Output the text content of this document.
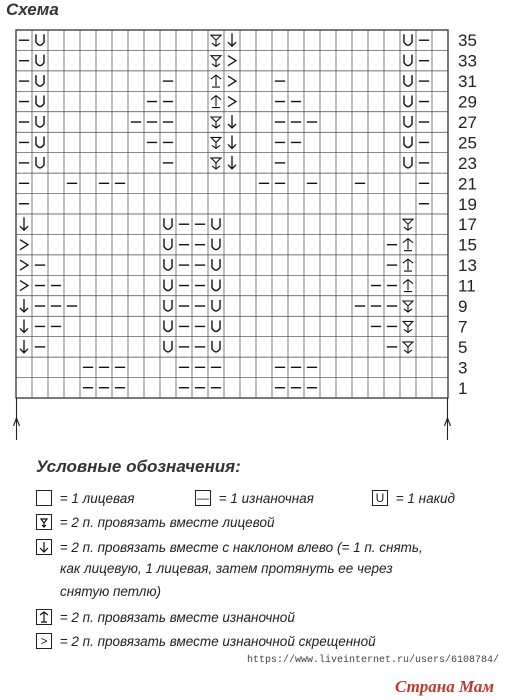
Схема
35
33
31
29
27
25
23
21
19
17
15
13
11
9
7
5
3
1
Условные обозначения:
= 1 лицевая	— = 1 изнаночная	U = 1 накид
= 2 п. провязать вместе лицевой
= 2 п. провязать вместе с наклоном влево (= 1 п. снять,
как лицевую, 1 лицевая, затем протянуть ее через
снятую петлю)
= 2 п. провязать вместе изнаночной
> = 2 п. провязать вместе изнаночной скрещенной
https://www.liveinternet.ru/users/6108784/
Страна Мам
